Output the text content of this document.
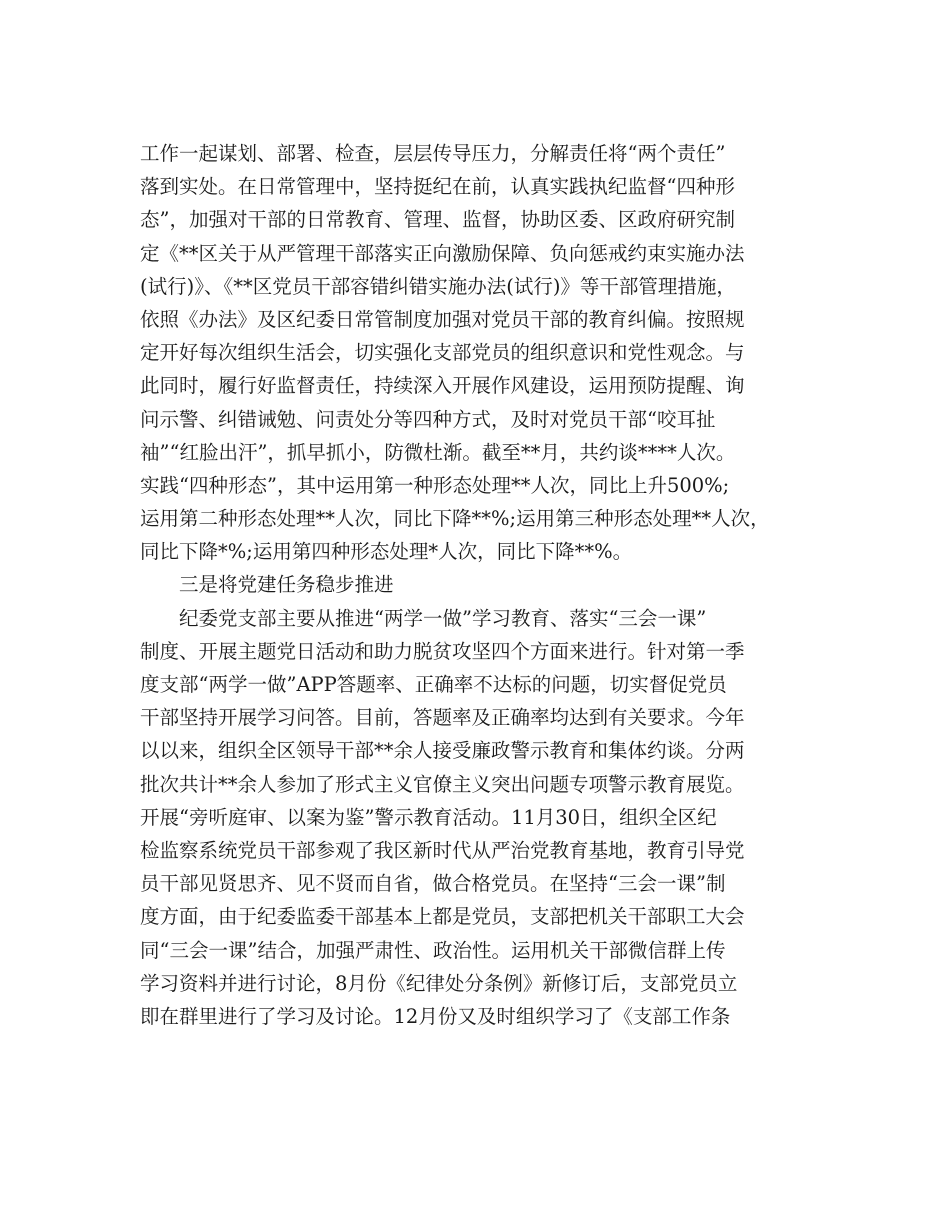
工作一起谋划、部署、检查，层层传导压力，分解责任将“两个责任”
落到实处。在日常管理中，坚持挺纪在前，认真实践执纪监督“四种形
态”，加强对干部的日常教育、管理、监督，协助区委、区政府研究制
定《**区关于从严管理干部落实正向激励保障、负向惩戒约束实施办法
(试行)》、《**区党员干部容错纠错实施办法(试行)》等干部管理措施，
依照《办法》及区纪委日常管制度加强对党员干部的教育纠偏。按照规
定开好每次组织生活会，切实强化支部党员的组织意识和党性观念。与
此同时，履行好监督责任，持续深入开展作风建设，运用预防提醒、询
问示警、纠错诫勉、问责处分等四种方式，及时对党员干部“咬耳扯
袖”“红脸出汗”，抓早抓小，防微杜渐。截至**月，共约谈****人次。
实践“四种形态”，其中运用第一种形态处理**人次，同比上升500%;
运用第二种形态处理**人次，同比下降**%;运用第三种形态处理**人次，
同比下降*%;运用第四种形态处理*人次，同比下降**%。
三是将党建任务稳步推进
纪委党支部主要从推进“两学一做”学习教育、落实“三会一课”
制度、开展主题党日活动和助力脱贫攻坚四个方面来进行。针对第一季
度支部“两学一做”APP答题率、正确率不达标的问题，切实督促党员
干部坚持开展学习问答。目前，答题率及正确率均达到有关要求。今年
以以来，组织全区领导干部**余人接受廉政警示教育和集体约谈。分两
批次共计**余人参加了形式主义官僚主义突出问题专项警示教育展览。
开展“旁听庭审、以案为鉴”警示教育活动。11月30日，组织全区纪
检监察系统党员干部参观了我区新时代从严治党教育基地，教育引导党
员干部见贤思齐、见不贤而自省，做合格党员。在坚持“三会一课”制
度方面，由于纪委监委干部基本上都是党员，支部把机关干部职工大会
同“三会一课”结合，加强严肃性、政治性。运用机关干部微信群上传
学习资料并进行讨论，8月份《纪律处分条例》新修订后，支部党员立
即在群里进行了学习及讨论。12月份又及时组织学习了《支部工作条
